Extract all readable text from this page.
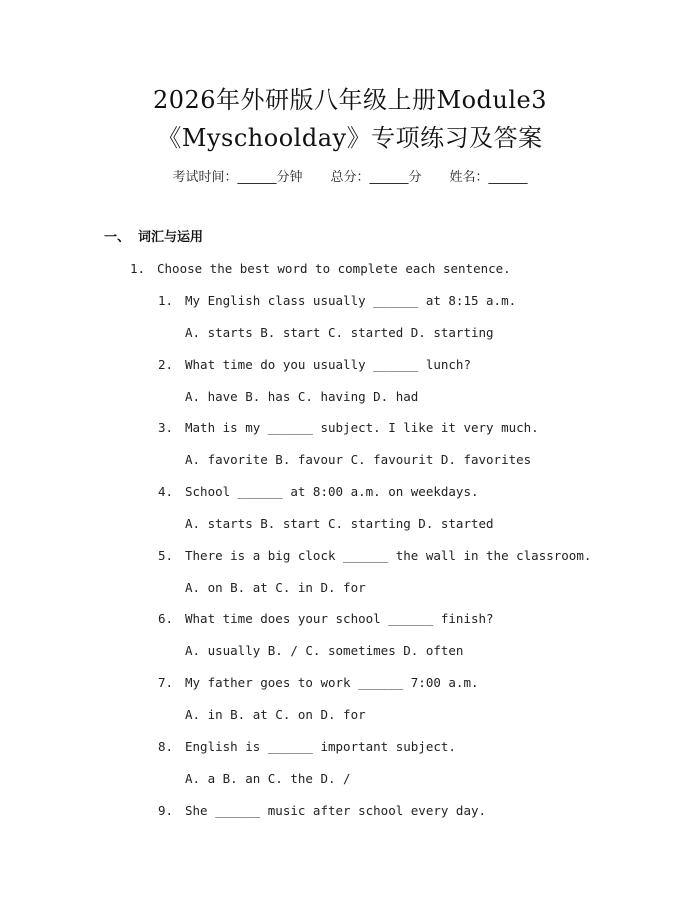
2026年外研版八年级上册Module3
《Myschoolday》专项练习及答案
考试时间：______分钟 总分：______分 姓名：______
一、 词汇与运用
1. Choose the best word to complete each sentence.
1. My English class usually ______ at 8:15 a.m.
A. starts B. start C. started D. starting
2. What time do you usually ______ lunch?
A. have B. has C. having D. had
3. Math is my ______ subject. I like it very much.
A. favorite B. favour C. favourit D. favorites
4. School ______ at 8:00 a.m. on weekdays.
A. starts B. start C. starting D. started
5. There is a big clock ______ the wall in the classroom.
A. on B. at C. in D. for
6. What time does your school ______ finish?
A. usually B. / C. sometimes D. often
7. My father goes to work ______ 7:00 a.m.
A. in B. at C. on D. for
8. English is ______ important subject.
A. a B. an C. the D. /
9. She ______ music after school every day.
